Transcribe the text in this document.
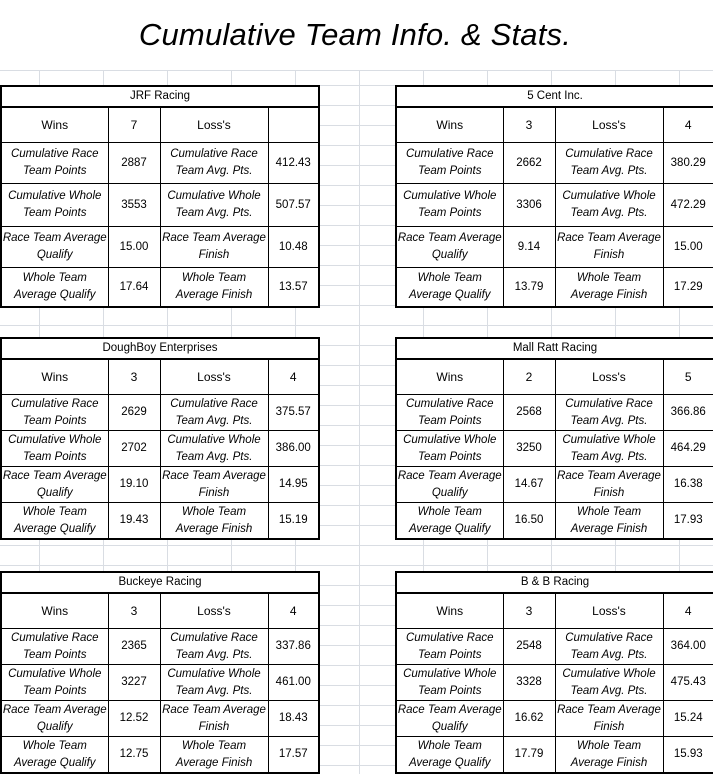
Cumulative Team Info. & Stats.
JRF Racing			
Wins	7	Loss's	
Cumulative Race Team Points	2887	Cumulative Race Team Avg. Pts.	412.43
Cumulative Whole Team Points	3553	Cumulative Whole Team Avg. Pts.	507.57
Race Team Average Qualify	15.00	Race Team Average Finish	10.48
Whole Team Average Qualify	17.64	Whole Team Average Finish	13.57
5 Cent Inc.			
Wins	3	Loss's	4
Cumulative Race Team Points	2662	Cumulative Race Team Avg. Pts.	380.29
Cumulative Whole Team Points	3306	Cumulative Whole Team Avg. Pts.	472.29
Race Team Average Qualify	9.14	Race Team Average Finish	15.00
Whole Team Average Qualify	13.79	Whole Team Average Finish	17.29
DoughBoy Enterprises			
Wins	3	Loss's	4
Cumulative Race Team Points	2629	Cumulative Race Team Avg. Pts.	375.57
Cumulative Whole Team Points	2702	Cumulative Whole Team Avg. Pts.	386.00
Race Team Average Qualify	19.10	Race Team Average Finish	14.95
Whole Team Average Qualify	19.43	Whole Team Average Finish	15.19
Mall Ratt Racing			
Wins	2	Loss's	5
Cumulative Race Team Points	2568	Cumulative Race Team Avg. Pts.	366.86
Cumulative Whole Team Points	3250	Cumulative Whole Team Avg. Pts.	464.29
Race Team Average Qualify	14.67	Race Team Average Finish	16.38
Whole Team Average Qualify	16.50	Whole Team Average Finish	17.93
Buckeye Racing			
Wins	3	Loss's	4
Cumulative Race Team Points	2365	Cumulative Race Team Avg. Pts.	337.86
Cumulative Whole Team Points	3227	Cumulative Whole Team Avg. Pts.	461.00
Race Team Average Qualify	12.52	Race Team Average Finish	18.43
Whole Team Average Qualify	12.75	Whole Team Average Finish	17.57
B & B Racing			
Wins	3	Loss's	4
Cumulative Race Team Points	2548	Cumulative Race Team Avg. Pts.	364.00
Cumulative Whole Team Points	3328	Cumulative Whole Team Avg. Pts.	475.43
Race Team Average Qualify	16.62	Race Team Average Finish	15.24
Whole Team Average Qualify	17.79	Whole Team Average Finish	15.93
